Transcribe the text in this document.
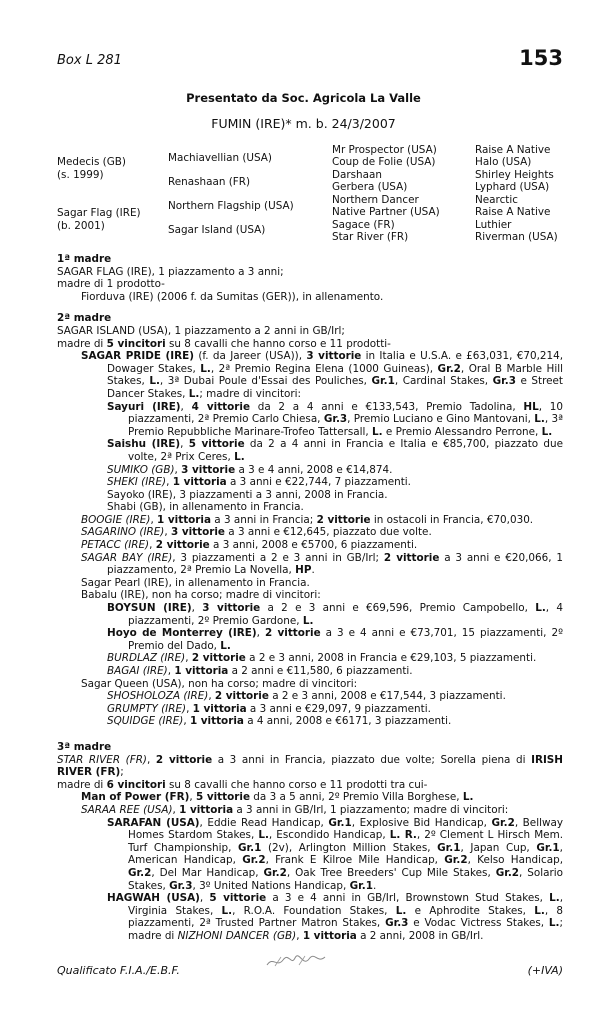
Box L 281	153
Presentato da Soc. Agricola La Valle
FUMIN (IRE)* m. b. 24/3/2007
Medecis (GB)
(s. 1999)
Sagar Flag (IRE)
(b. 2001)
Machiavellian (USA)
Renashaan (FR)
Northern Flagship (USA)
Sagar Island (USA)
Mr Prospector (USA)
Coup de Folie (USA)
Darshaan
Gerbera (USA)
Northern Dancer
Native Partner (USA)
Sagace (FR)
Star River (FR)
Raise A Native
Halo (USA)
Shirley Heights
Lyphard (USA)
Nearctic
Raise A Native
Luthier
Riverman (USA)

1ª madre

SAGAR FLAG (IRE), 1 piazzamento a 3 anni;

madre di 1 prodotto-

Fiorduva (IRE) (2006 f. da Sumitas (GER)), in allenamento.

2ª madre

SAGAR ISLAND (USA), 1 piazzamento a 2 anni in GB/Irl;

madre di 5 vincitori su 8 cavalli che hanno corso e 11 prodotti-

SAGAR PRIDE (IRE) (f. da Jareer (USA)), 3 vittorie in Italia e U.S.A. e £63,031, €70,214, Dowager Stakes, L., 2ª Premio Regina Elena (1000 Guineas), Gr.2, Oral B Marble Hill Stakes, L., 3ª Dubai Poule d'Essai des Pouliches, Gr.1, Cardinal Stakes, Gr.3 e Street Dancer Stakes, L.; madre di vincitori:

Sayuri (IRE), 4 vittorie da 2 a 4 anni e €133,543, Premio Tadolina, HL, 10 piazzamenti, 2ª Premio Carlo Chiesa, Gr.3, Premio Luciano e Gino Mantovani, L., 3ª Premio Repubbliche Marinare-Trofeo Tattersall, L. e Premio Alessandro Perrone, L.

Saishu (IRE), 5 vittorie da 2 a 4 anni in Francia e Italia e €85,700, piazzato due volte, 2ª Prix Ceres, L.

SUMIKO (GB), 3 vittorie a 3 e 4 anni, 2008 e €14,874.

SHEKI (IRE), 1 vittoria a 3 anni e €22,744, 7 piazzamenti.

Sayoko (IRE), 3 piazzamenti a 3 anni, 2008 in Francia.

Shabi (GB), in allenamento in Francia.

BOOGIE (IRE), 1 vittoria a 3 anni in Francia; 2 vittorie in ostacoli in Francia, €70,030.

SAGARINO (IRE), 3 vittorie a 3 anni e €12,645, piazzato due volte.

PETACC (IRE), 2 vittorie a 3 anni, 2008 e €5700, 6 piazzamenti.

SAGAR BAY (IRE), 3 piazzamenti a 2 e 3 anni in GB/Irl; 2 vittorie a 3 anni e €20,066, 1 piazzamento, 2ª Premio La Novella, HP.

Sagar Pearl (IRE), in allenamento in Francia.

Babalu (IRE), non ha corso; madre di vincitori:

BOYSUN (IRE), 3 vittorie a 2 e 3 anni e €69,596, Premio Campobello, L., 4 piazzamenti, 2º Premio Gardone, L.

Hoyo de Monterrey (IRE), 2 vittorie a 3 e 4 anni e €73,701, 15 piazzamenti, 2º Premio del Dado, L.

BURDLAZ (IRE), 2 vittorie a 2 e 3 anni, 2008 in Francia e €29,103, 5 piazzamenti.

BAGAI (IRE), 1 vittoria a 2 anni e €11,580, 6 piazzamenti.

Sagar Queen (USA), non ha corso; madre di vincitori:

SHOSHOLOZA (IRE), 2 vittorie a 2 e 3 anni, 2008 e €17,544, 3 piazzamenti.

GRUMPTY (IRE), 1 vittoria a 3 anni e €29,097, 9 piazzamenti.

SQUIDGE (IRE), 1 vittoria a 4 anni, 2008 e €6171, 3 piazzamenti.

3ª madre

STAR RIVER (FR), 2 vittorie a 3 anni in Francia, piazzato due volte; Sorella piena di IRISH RIVER (FR);

madre di 6 vincitori su 8 cavalli che hanno corso e 11 prodotti tra cui-

Man of Power (FR), 5 vittorie da 3 a 5 anni, 2º Premio Villa Borghese, L.

SARAA REE (USA), 1 vittoria a 3 anni in GB/Irl, 1 piazzamento; madre di vincitori:

SARAFAN (USA), Eddie Read Handicap, Gr.1, Explosive Bid Handicap, Gr.2, Bellway Homes Stardom Stakes, L., Escondido Handicap, L. R., 2º Clement L Hirsch Mem. Turf Championship, Gr.1 (2v), Arlington Million Stakes, Gr.1, Japan Cup, Gr.1, American Handicap, Gr.2, Frank E Kilroe Mile Handicap, Gr.2, Kelso Handicap, Gr.2, Del Mar Handicap, Gr.2, Oak Tree Breeders' Cup Mile Stakes, Gr.2, Solario Stakes, Gr.3, 3º United Nations Handicap, Gr.1.

HAGWAH (USA), 5 vittorie a 3 e 4 anni in GB/Irl, Brownstown Stud Stakes, L., Virginia Stakes, L., R.O.A. Foundation Stakes, L. e Aphrodite Stakes, L., 8 piazzamenti, 2ª Trusted Partner Matron Stakes, Gr.3 e Vodac Victress Stakes, L.; madre di NIZHONI DANCER (GB), 1 vittoria a 2 anni, 2008 in GB/Irl.

Qualificato F.I.A./E.B.F.	(+IVA)
